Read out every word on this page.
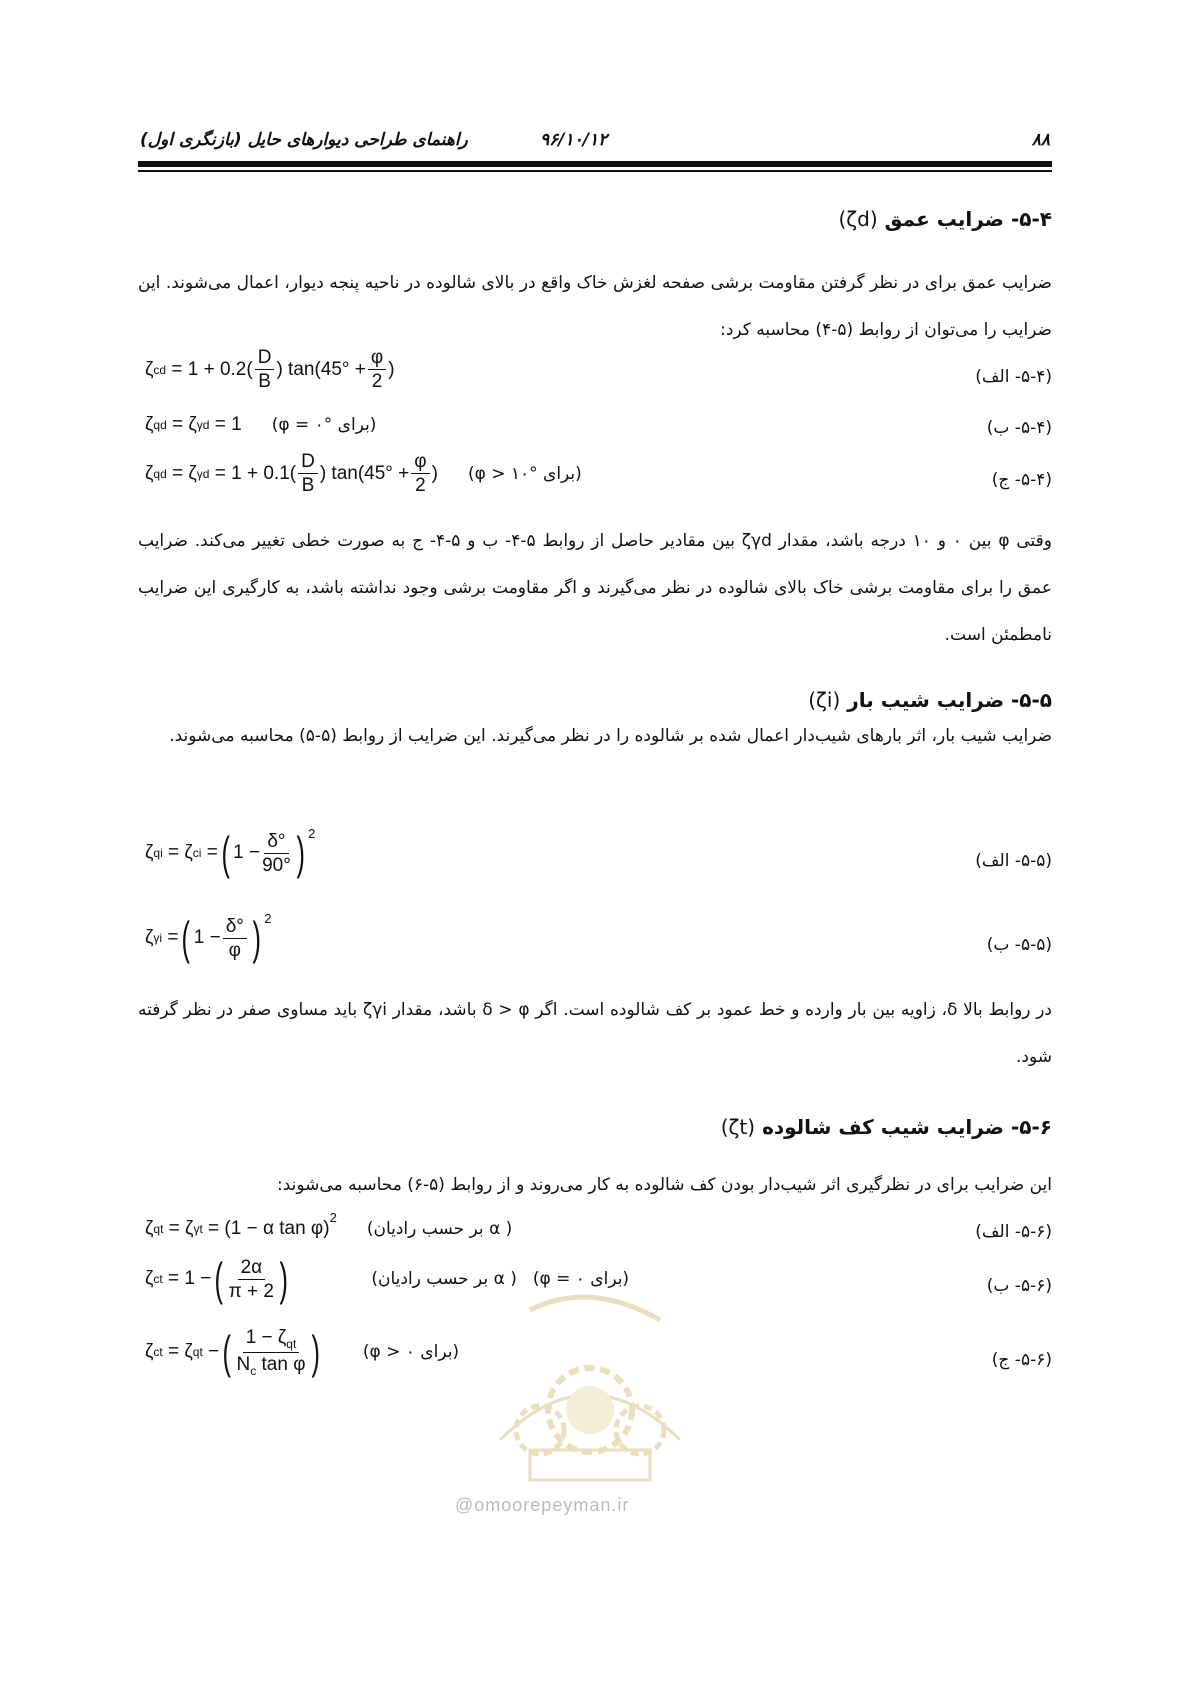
۸۸
۹۶/۱۰/۱۲
راهنمای طراحی دیوارهای حایل (بازنگری اول)
۵-۴- ضرایب عمق (ζd)
ضرایب عمق برای در نظر گرفتن مقاومت برشی صفحه لغزش خاک واقع در بالای شالوده در ناحیه پنجه دیوار، اعمال می‌شوند. این ضرایب را می‌توان از روابط (۵-۴) محاسبه کرد:
(۵-۴- الف)
ζ cd = $1 + 0.2( \frac{D}{B}$ ) $\tan(45^\circ + \frac{\varphi}{2}$ )
(۵-۴- ب)
ζ qd = ζ γd = 1 (برای °φ = ۰)
(۵-۴- ج)
ζ qd = ζ $\gamma d = 1 + 0.1( \frac{D}{B}$ ) $\tan(45^\circ + \frac{\varphi}{2}$ ) (برای °φ > ۱۰)
وقتی φ بین ۰ و ۱۰ درجه باشد، مقدار ζγd بین مقادیر حاصل از روابط ۵-۴- ب و ۵-۴- ج به صورت خطی تغییر می‌کند. ضرایب عمق را برای مقاومت برشی خاک بالای شالوده در نظر می‌گیرند و اگر مقاومت برشی وجود نداشته باشد، به کارگیری این ضرایب نامطمئن است.
۵-۵- ضرایب شیب بار (ζi)
ضرایب شیب بار، اثر بارهای شیب‌دار اعمال شده بر شالوده را در نظر می‌گیرند. این ضرایب از روابط (۵-۵) محاسبه می‌شوند.
(۵-۵- الف)
ζ qi = ζ ci = ( $1 - \frac{\delta^\circ}{90^\circ}$ ) 2
(۵-۵- ب)
ζ γi = ( $1 - \frac{\delta^\circ}{\varphi}$ ) 2
در روابط بالا δ، زاویه بین بار وارده و خط عمود بر کف شالوده است. اگر δ > φ باشد، مقدار ζγi باید مساوی صفر در نظر گرفته شود.
۵-۶- ضرایب شیب کف شالوده (ζt)
این ضرایب برای در نظرگیری اثر شیب‌دار بودن کف شالوده به کار می‌روند و از روابط (۵-۶) محاسبه می‌شوند:
(۵-۶- الف)
ζ qt = ζ γt = (1 − α tan φ)
2
( α بر حسب رادیان)
(۵-۶- ب)
ζ ct = 1 − ( $\frac{2\alpha}{\pi + 2}$ )	( α بر حسب رادیان) (برای φ = ۰)
(۵-۶- ج)
ζ ct = ζ qt − ( $\frac{1 - \zeta_{qt}}{N_c \tan \varphi}$ )	(برای φ > ۰)
@omoorepeyman.ir
